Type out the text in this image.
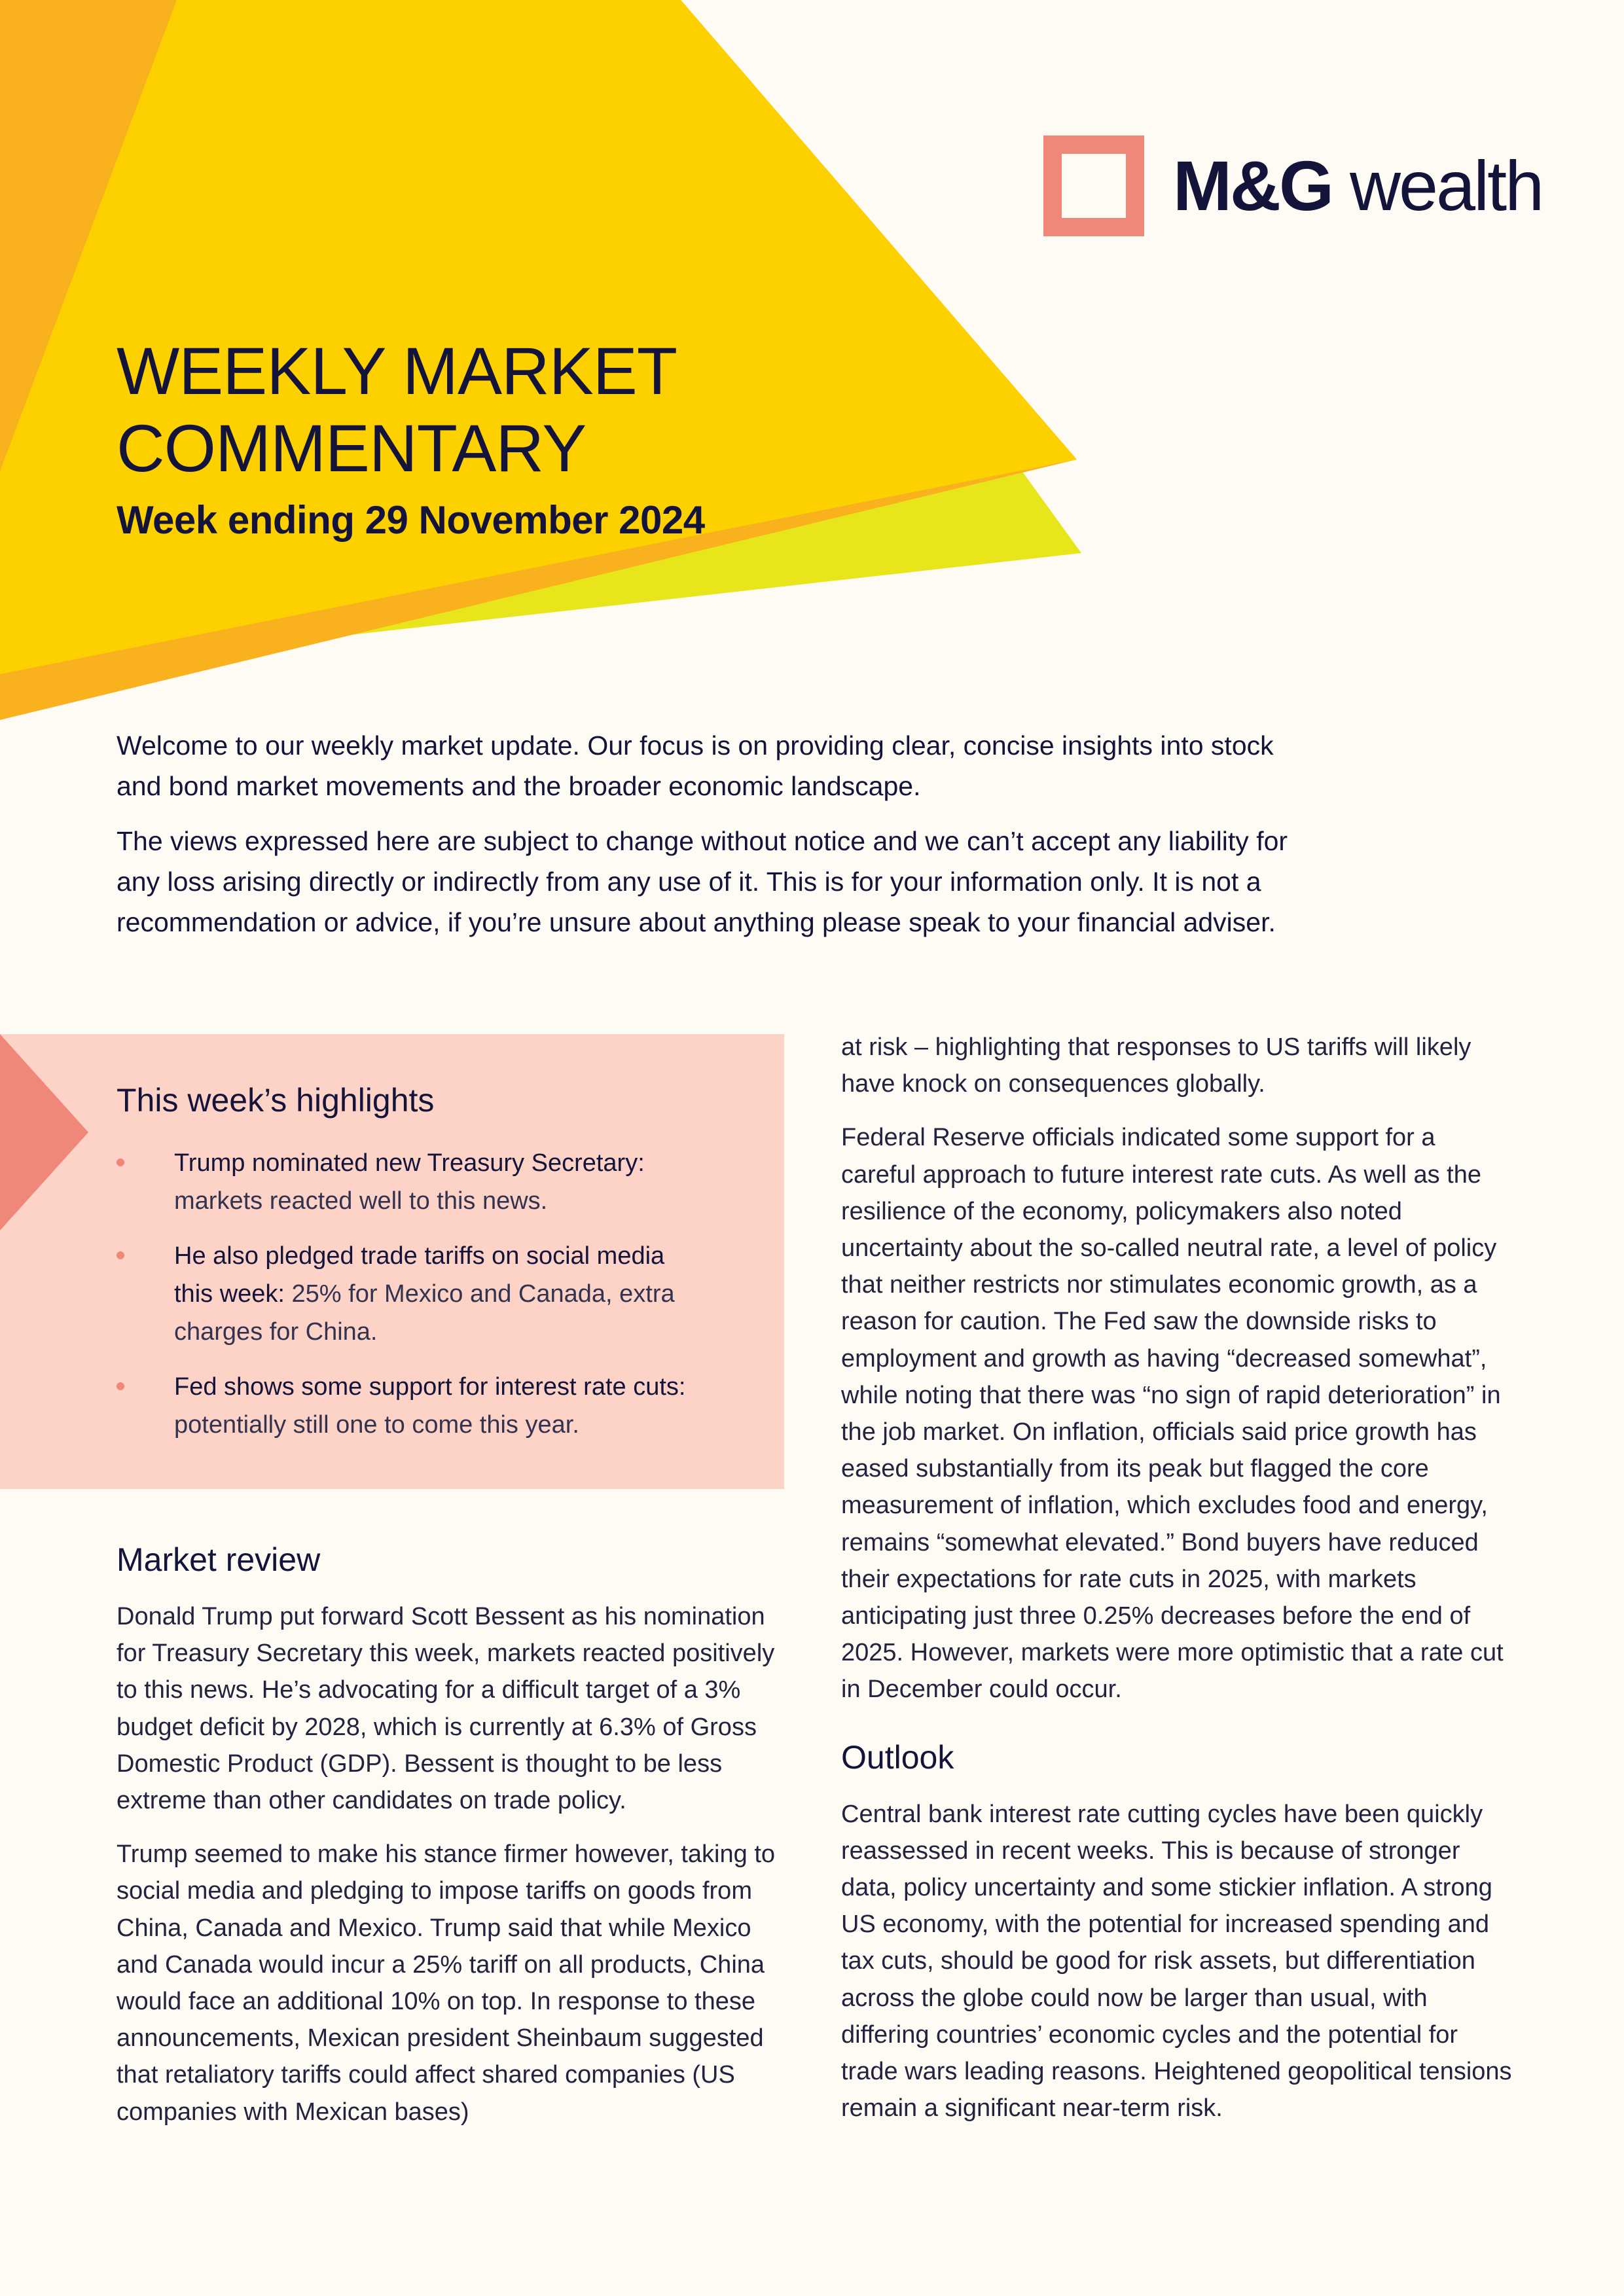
M&G wealth
WEEKLY MARKET COMMENTARY
Week ending 29 November 2024

Welcome to our weekly market update. Our focus is on providing clear, concise insights into stock and bond market movements and the broader economic landscape.

The views expressed here are subject to change without notice and we can’t accept any liability for any loss arising directly or indirectly from any use of it. This is for your information only. It is not a recommendation or advice, if you’re unsure about anything please speak to your financial adviser.

This week’s highlights
Trump nominated new Treasury Secretary: markets reacted well to this news.
He also pledged trade tariffs on social media this week: 25% for Mexico and Canada, extra charges for China.
Fed shows some support for interest rate cuts: potentially still one to come this year.
Market review

Donald Trump put forward Scott Bessent as his nomination for Treasury Secretary this week, markets reacted positively to this news. He’s advocating for a difficult target of a 3% budget deficit by 2028, which is currently at 6.3% of Gross Domestic Product (GDP). Bessent is thought to be less extreme than other candidates on trade policy.

Trump seemed to make his stance firmer however, taking to social media and pledging to impose tariffs on goods from China, Canada and Mexico. Trump said that while Mexico and Canada would incur a 25% tariff on all products, China would face an additional 10% on top. In response to these announcements, Mexican president Sheinbaum suggested that retaliatory tariffs could affect shared companies (US companies with Mexican bases)

at risk – highlighting that responses to US tariffs will likely have knock on consequences globally.

Federal Reserve officials indicated some support for a careful approach to future interest rate cuts. As well as the resilience of the economy, policymakers also noted uncertainty about the so-called neutral rate, a level of policy that neither restricts nor stimulates economic growth, as a reason for caution. The Fed saw the downside risks to employment and growth as having “decreased somewhat”, while noting that there was “no sign of rapid deterioration” in the job market. On inflation, officials said price growth has eased substantially from its peak but flagged the core measurement of inflation, which excludes food and energy, remains “somewhat elevated.” Bond buyers have reduced their expectations for rate cuts in 2025, with markets anticipating just three 0.25% decreases before the end of 2025. However, markets were more optimistic that a rate cut in December could occur.

Outlook

Central bank interest rate cutting cycles have been quickly reassessed in recent weeks. This is because of stronger data, policy uncertainty and some stickier inflation. A strong US economy, with the potential for increased spending and tax cuts, should be good for risk assets, but differentiation across the globe could now be larger than usual, with differing countries’ economic cycles and the potential for trade wars leading reasons. Heightened geopolitical tensions remain a significant near-term risk.
